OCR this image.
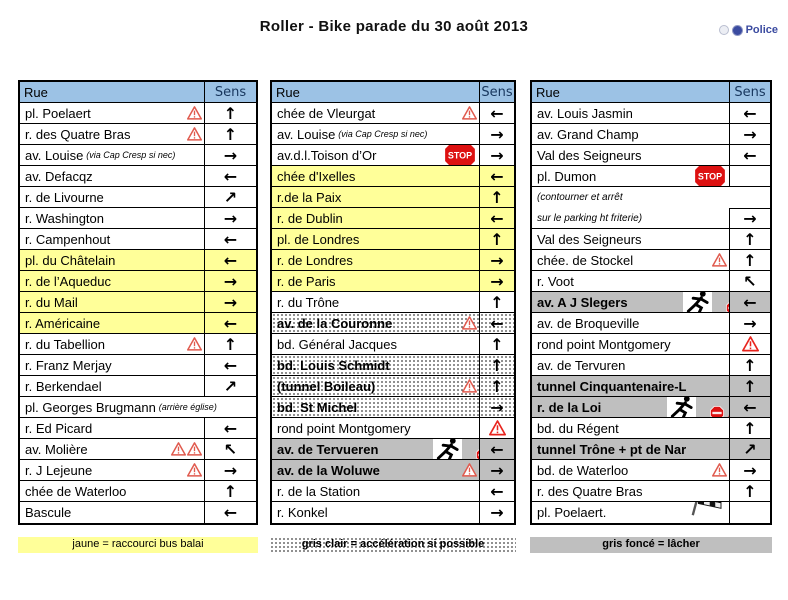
Roller - Bike parade du 30 août 2013	Police
Rue	Sens
pl. Poelaert	↑
r. des Quatre Bras	↑
av. Louise (via Cap Cresp si nec)	→
av. Defacqz	←
r. de Livourne	↗
r. Washington	→
r. Campenhout	←
pl. du Châtelain	←
r. de l’Aqueduc	→
r. du Mail	→
r. Américaine	←
r. du Tabellion	↑
r. Franz Merjay	←
r. Berkendael	↗
pl. Georges Brugmann (arrière église)
r. Ed Picard	←
av. Molière	↖
r. J Lejeune	→
chée de Waterloo	↑
Bascule	←
Rue	Sens
chée de Vleurgat	←
av. Louise (via Cap Cresp si nec)	→
av.d.l.Toison d’Or	STOP →
chée d'Ixelles	←
r.de la Paix	↑
r. de Dublin	←
pl. de Londres	↑
r. de Londres	→
r. de Paris	→
r. du Trône	↑
av. de la Couronne	←
bd. Général Jacques	↑
bd. Louis Schmidt	↑
(tunnel Boileau)	↑
bd. St Michel	→
rond point Montgomery
av. de Tervueren	←
av. de la Woluwe	→
r. de la Station	←
r. Konkel	→
Rue	Sens
av. Louis Jasmin	←
av. Grand Champ	→
Val des Seigneurs	←
pl. Dumon	STOP
(contourner et arrêt
sur le parking ht friterie)	→
Val des Seigneurs	↑
chée. de Stockel	↑
r. Voot	↖
av. A J Slegers	←
av. de Broqueville	→
rond point Montgomery
av. de Tervuren	↑
tunnel Cinquantenaire-L	↑
r. de la Loi	←
bd. du Régent	↑
tunnel Trône + pt de Nar	↗
bd. de Waterloo	→
r. des Quatre Bras	↑
pl. Poelaert.
jaune = raccourci bus balai	gris clair = accélération si possible	gris foncé = lâcher
